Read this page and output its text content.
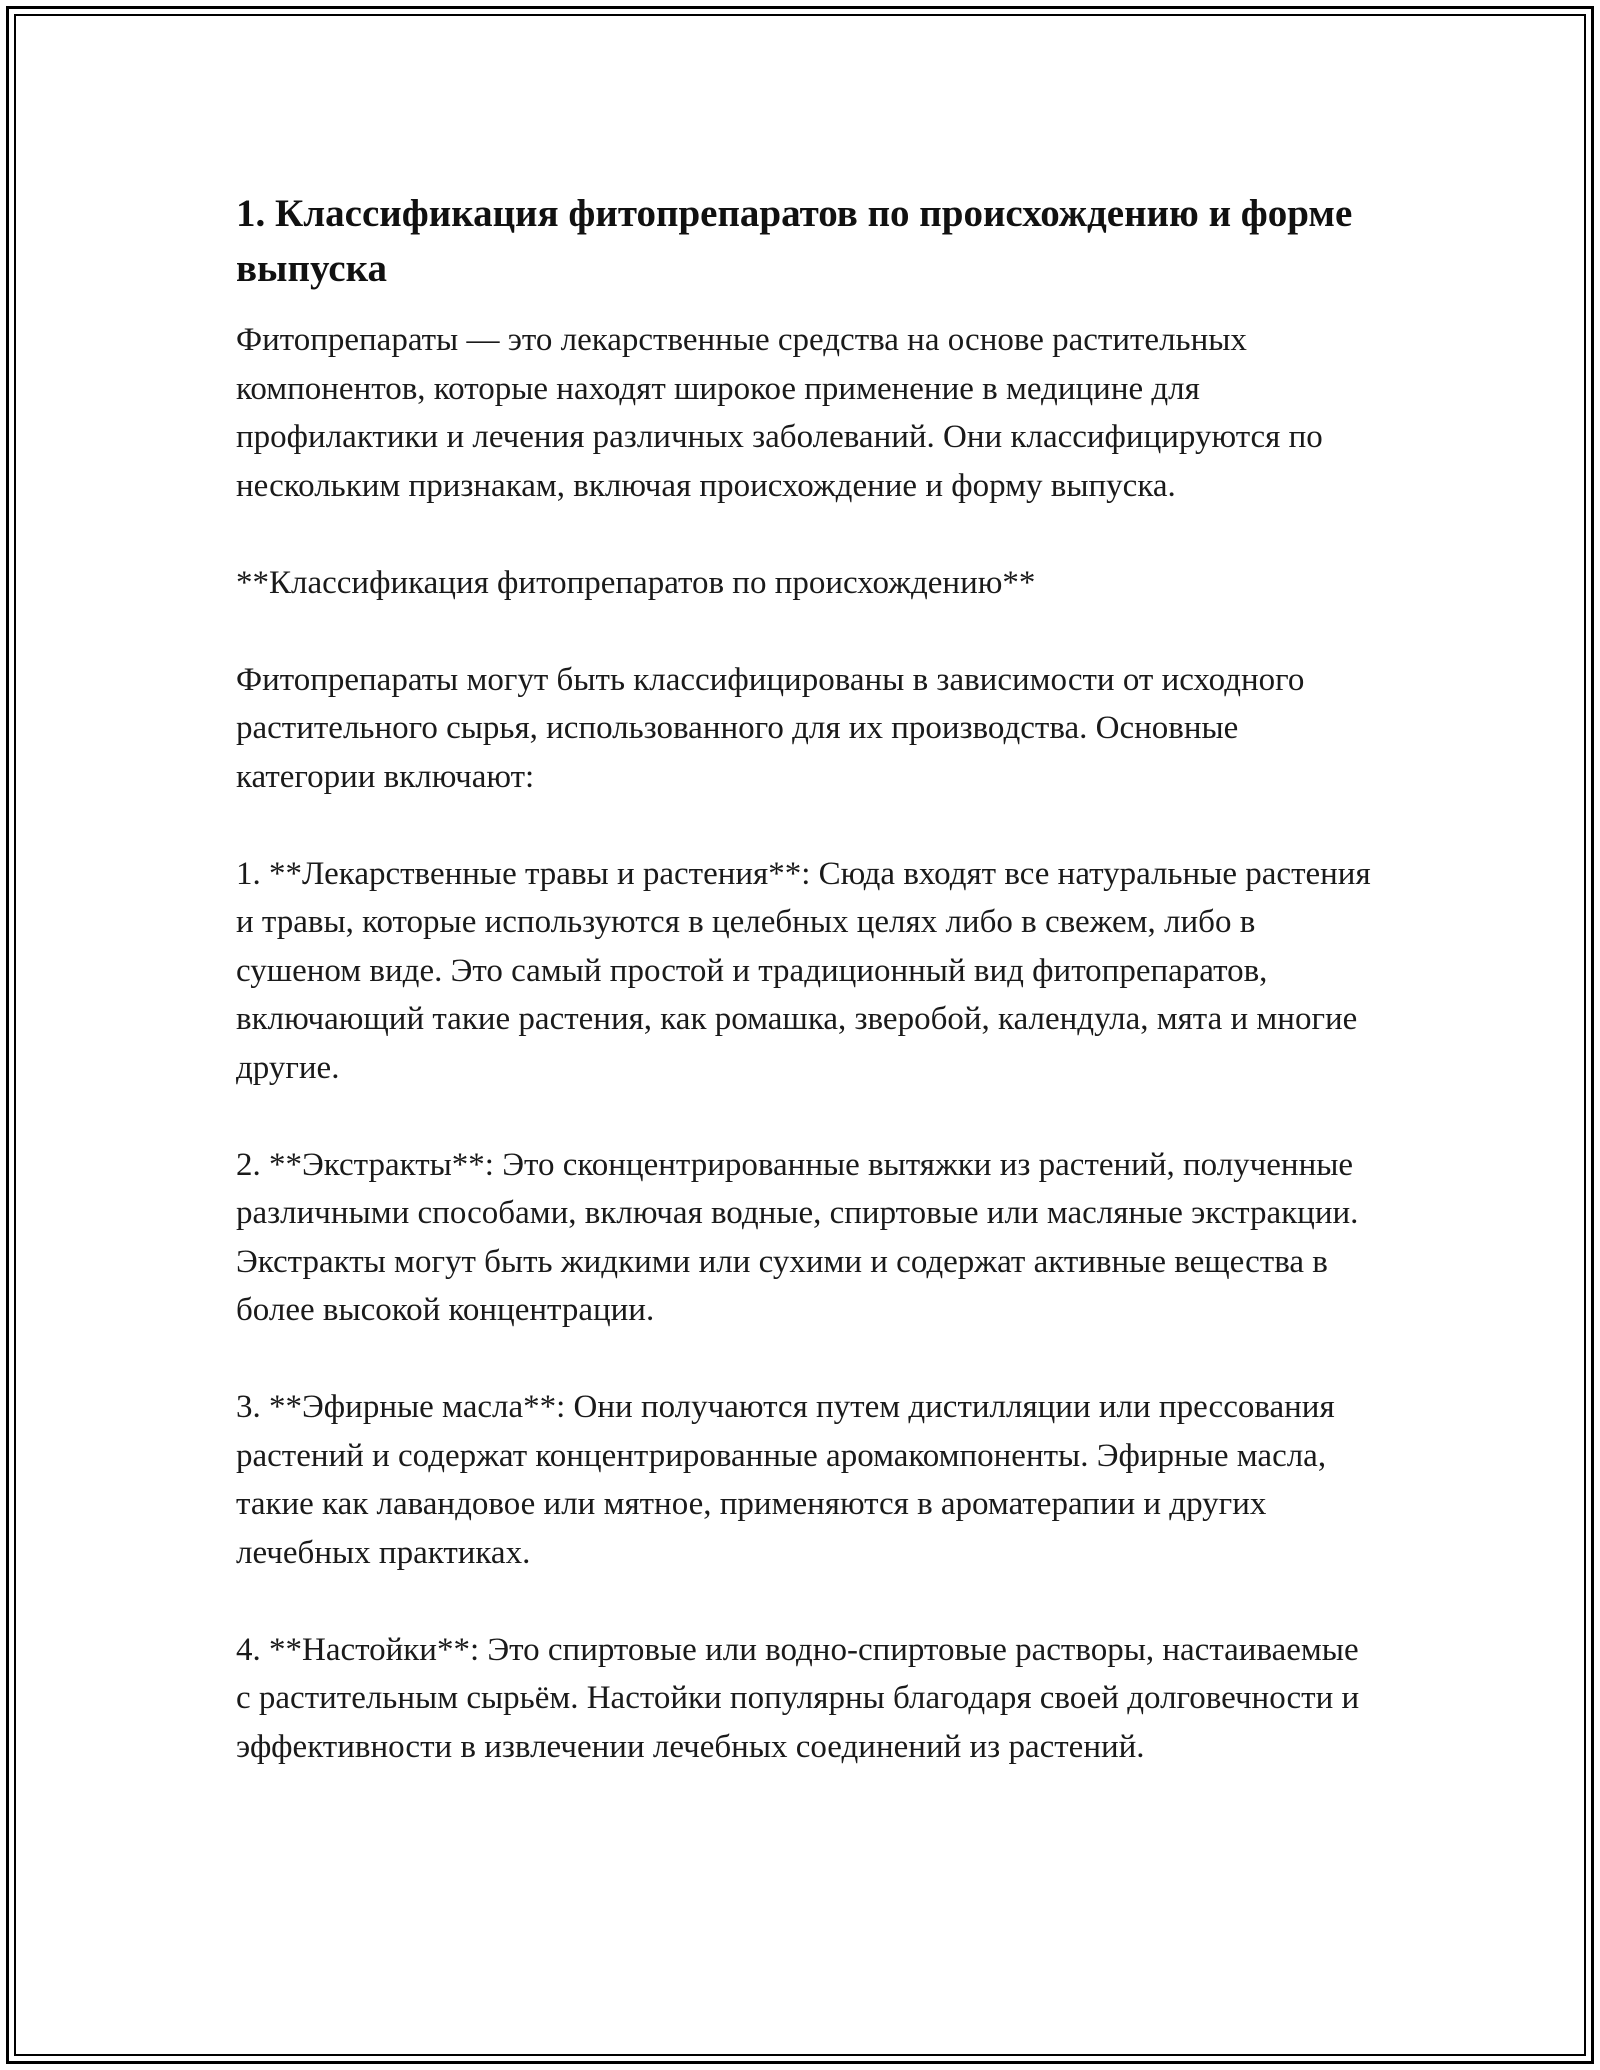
1. Классификация фитопрепаратов по происхождению и форме выпуска

Фитопрепараты — это лекарственные средства на основе растительных компонентов, которые находят широкое применение в медицине для профилактики и лечения различных заболеваний. Они классифицируются по нескольким признакам, включая происхождение и форму выпуска.

**Классификация фитопрепаратов по происхождению**

Фитопрепараты могут быть классифицированы в зависимости от исходного растительного сырья, использованного для их производства. Основные категории включают:

1. **Лекарственные травы и растения**: Сюда входят все натуральные растения и травы, которые используются в целебных целях либо в свежем, либо в сушеном виде. Это самый простой и традиционный вид фитопрепаратов, включающий такие растения, как ромашка, зверобой, календула, мята и многие другие.

2. **Экстракты**: Это сконцентрированные вытяжки из растений, полученные различными способами, включая водные, спиртовые или масляные экстракции. Экстракты могут быть жидкими или сухими и содержат активные вещества в более высокой концентрации.

3. **Эфирные масла**: Они получаются путем дистилляции или прессования растений и содержат концентрированные аромакомпоненты. Эфирные масла, такие как лавандовое или мятное, применяются в ароматерапии и других лечебных практиках.

4. **Настойки**: Это спиртовые или водно-спиртовые растворы, настаиваемые с растительным сырьём. Настойки популярны благодаря своей долговечности и эффективности в извлечении лечебных соединений из растений.
